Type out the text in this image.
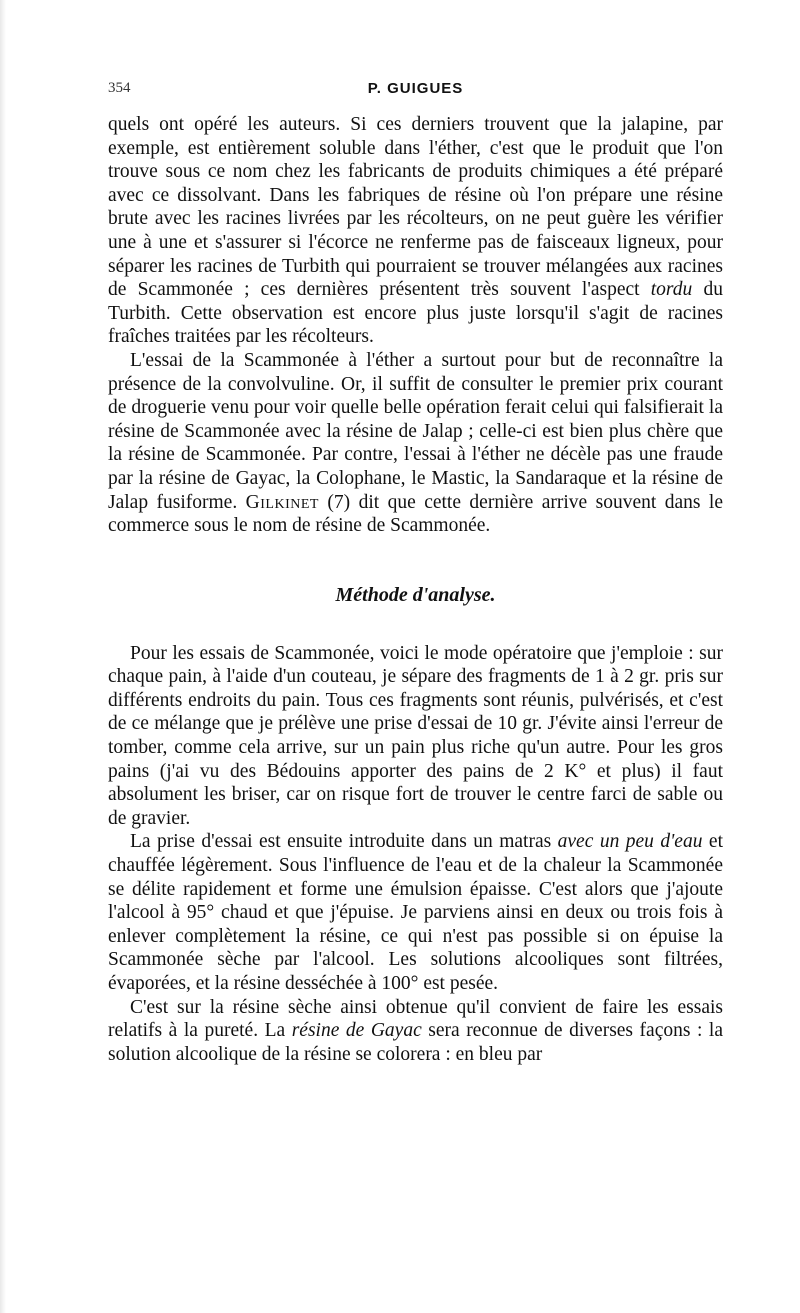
354	P. GUIGUES

quels ont opéré les auteurs. Si ces derniers trouvent que la jalapine, par exemple, est entièrement soluble dans l'éther, c'est que le produit que l'on trouve sous ce nom chez les fabricants de produits chimiques a été préparé avec ce dissolvant. Dans les fabriques de résine où l'on prépare une résine brute avec les racines livrées par les récolteurs, on ne peut guère les vérifier une à une et s'assurer si l'écorce ne renferme pas de faisceaux ligneux, pour séparer les racines de Turbith qui pourraient se trouver mélangées aux racines de Scammonée ; ces dernières présentent très souvent l'aspect tordu du Turbith. Cette observation est encore plus juste lorsqu'il s'agit de racines fraîches traitées par les récolteurs.

L'essai de la Scammonée à l'éther a surtout pour but de reconnaître la présence de la convolvuline. Or, il suffit de consulter le premier prix courant de droguerie venu pour voir quelle belle opération ferait celui qui falsifierait la résine de Scammonée avec la résine de Jalap ; celle-ci est bien plus chère que la résine de Scammonée. Par contre, l'essai à l'éther ne décèle pas une fraude par la résine de Gayac, la Colophane, le Mastic, la Sandaraque et la résine de Jalap fusiforme. Gilkinet (7) dit que cette dernière arrive souvent dans le commerce sous le nom de résine de Scammonée.

Méthode d'analyse.

Pour les essais de Scammonée, voici le mode opératoire que j'emploie : sur chaque pain, à l'aide d'un couteau, je sépare des fragments de 1 à 2 gr. pris sur différents endroits du pain. Tous ces fragments sont réunis, pulvérisés, et c'est de ce mélange que je prélève une prise d'essai de 10 gr. J'évite ainsi l'erreur de tomber, comme cela arrive, sur un pain plus riche qu'un autre. Pour les gros pains (j'ai vu des Bédouins apporter des pains de 2 K° et plus) il faut absolument les briser, car on risque fort de trouver le centre farci de sable ou de gravier.

La prise d'essai est ensuite introduite dans un matras avec un peu d'eau et chauffée légèrement. Sous l'influence de l'eau et de la chaleur la Scammonée se délite rapidement et forme une émulsion épaisse. C'est alors que j'ajoute l'alcool à 95° chaud et que j'épuise. Je parviens ainsi en deux ou trois fois à enlever complètement la résine, ce qui n'est pas possible si on épuise la Scammonée sèche par l'alcool. Les solutions alcooliques sont filtrées, évaporées, et la résine desséchée à 100° est pesée.

C'est sur la résine sèche ainsi obtenue qu'il convient de faire les essais relatifs à la pureté. La résine de Gayac sera reconnue de diverses façons : la solution alcoolique de la résine se colorera : en bleu par
